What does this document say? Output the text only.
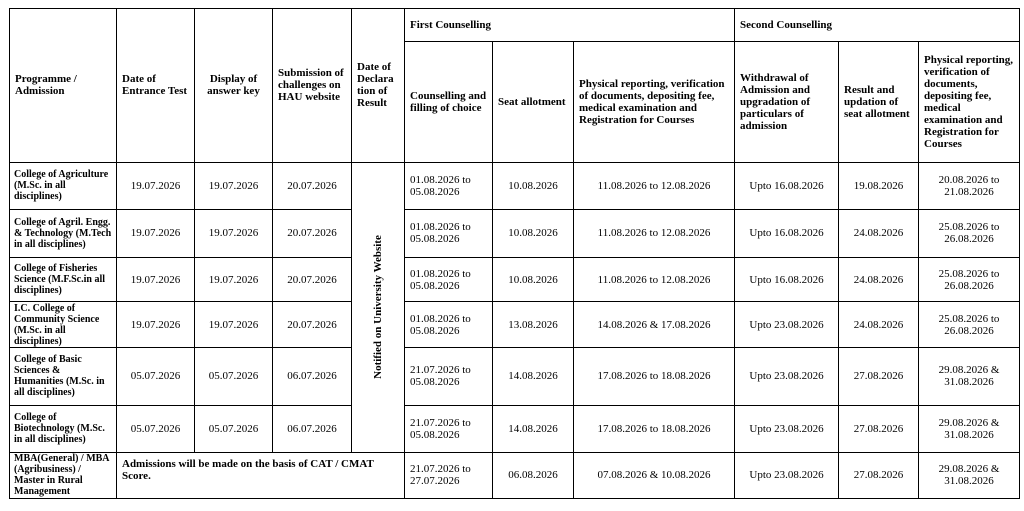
Programme / Admission	Date of Entrance Test	Display of answer key	Submission of challenges on HAU website	Date of Declara tion of Result	First Counselling			Second Counselling		
					Counselling and filling of choice	Seat allotment	Physical reporting, verification of documents, depositing fee, medical examination and Registration for Courses	Withdrawal of Admission and upgradation of particulars of admission	Result and updation of seat allotment	Physical reporting, verification of documents, depositing fee, medical examination and Registration for Courses
College of Agriculture (M.Sc. in all disciplines)	19.07.2026	19.07.2026	20.07.2026	Notified on University Website	01.08.2026 to 05.08.2026	10.08.2026	11.08.2026 to 12.08.2026	Upto 16.08.2026	19.08.2026	20.08.2026 to 21.08.2026
College of Agril. Engg. & Technology (M.Tech in all disciplines)	19.07.2026	19.07.2026	20.07.2026		01.08.2026 to 05.08.2026	10.08.2026	11.08.2026 to 12.08.2026	Upto 16.08.2026	24.08.2026	25.08.2026 to 26.08.2026
College of Fisheries Science (M.F.Sc.in all disciplines)	19.07.2026	19.07.2026	20.07.2026		01.08.2026 to 05.08.2026	10.08.2026	11.08.2026 to 12.08.2026	Upto 16.08.2026	24.08.2026	25.08.2026 to 26.08.2026
I.C. College of Community Science (M.Sc. in all disciplines)	19.07.2026	19.07.2026	20.07.2026		01.08.2026 to 05.08.2026	13.08.2026	14.08.2026 & 17.08.2026	Upto 23.08.2026	24.08.2026	25.08.2026 to 26.08.2026
College of Basic Sciences & Humanities (M.Sc. in all disciplines)	05.07.2026	05.07.2026	06.07.2026		21.07.2026 to 05.08.2026	14.08.2026	17.08.2026 to 18.08.2026	Upto 23.08.2026	27.08.2026	29.08.2026 & 31.08.2026
College of Biotechnology (M.Sc. in all disciplines)	05.07.2026	05.07.2026	06.07.2026		21.07.2026 to 05.08.2026	14.08.2026	17.08.2026 to 18.08.2026	Upto 23.08.2026	27.08.2026	29.08.2026 & 31.08.2026
MBA(General) / MBA (Agribusiness) / Master in Rural Management	Admissions will be made on the basis of CAT / CMAT Score.				21.07.2026 to 27.07.2026	06.08.2026	07.08.2026 & 10.08.2026	Upto 23.08.2026	27.08.2026	29.08.2026 & 31.08.2026
